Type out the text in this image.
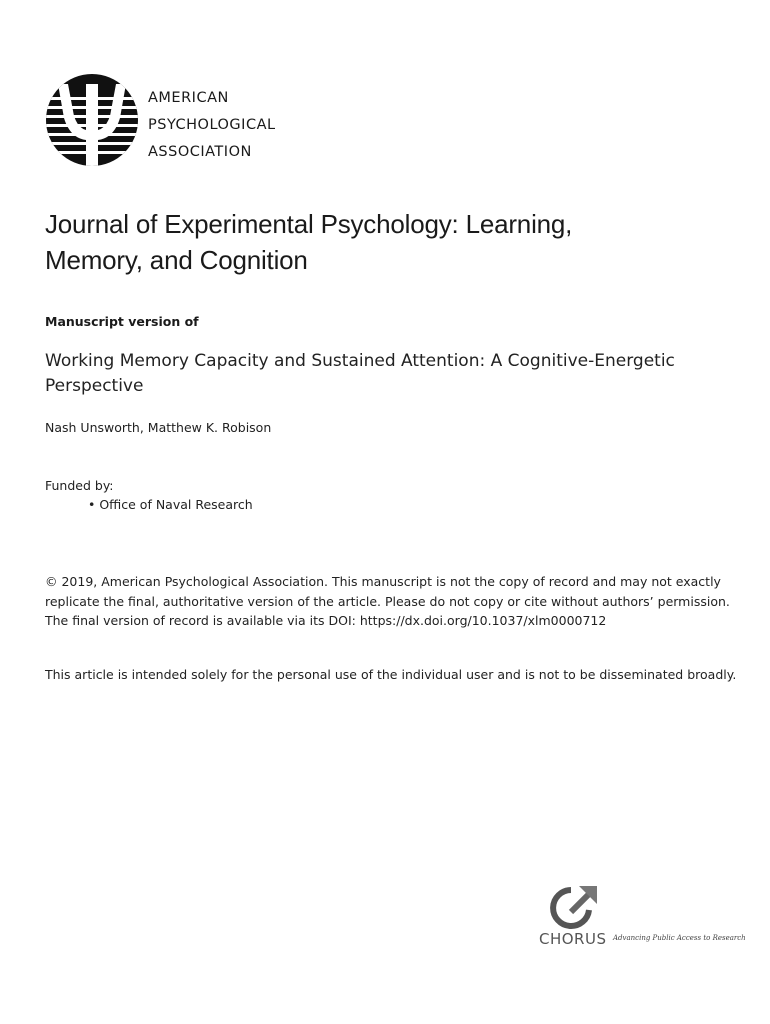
AMERICAN
PSYCHOLOGICAL
ASSOCIATION
Journal of Experimental Psychology: Learning,
Memory, and Cognition
Manuscript version of
Working Memory Capacity and Sustained Attention: A Cognitive-Energetic
Perspective
Nash Unsworth, Matthew K. Robison
Funded by:
• Office of Naval Research
© 2019, American Psychological Association. This manuscript is not the copy of record and may not exactly
replicate the final, authoritative version of the article. Please do not copy or cite without authors’ permission.
The final version of record is available via its DOI: https://dx.doi.org/10.1037/xlm0000712
This article is intended solely for the personal use of the individual user and is not to be disseminated broadly.
CHORUS Advancing Public Access to Research
